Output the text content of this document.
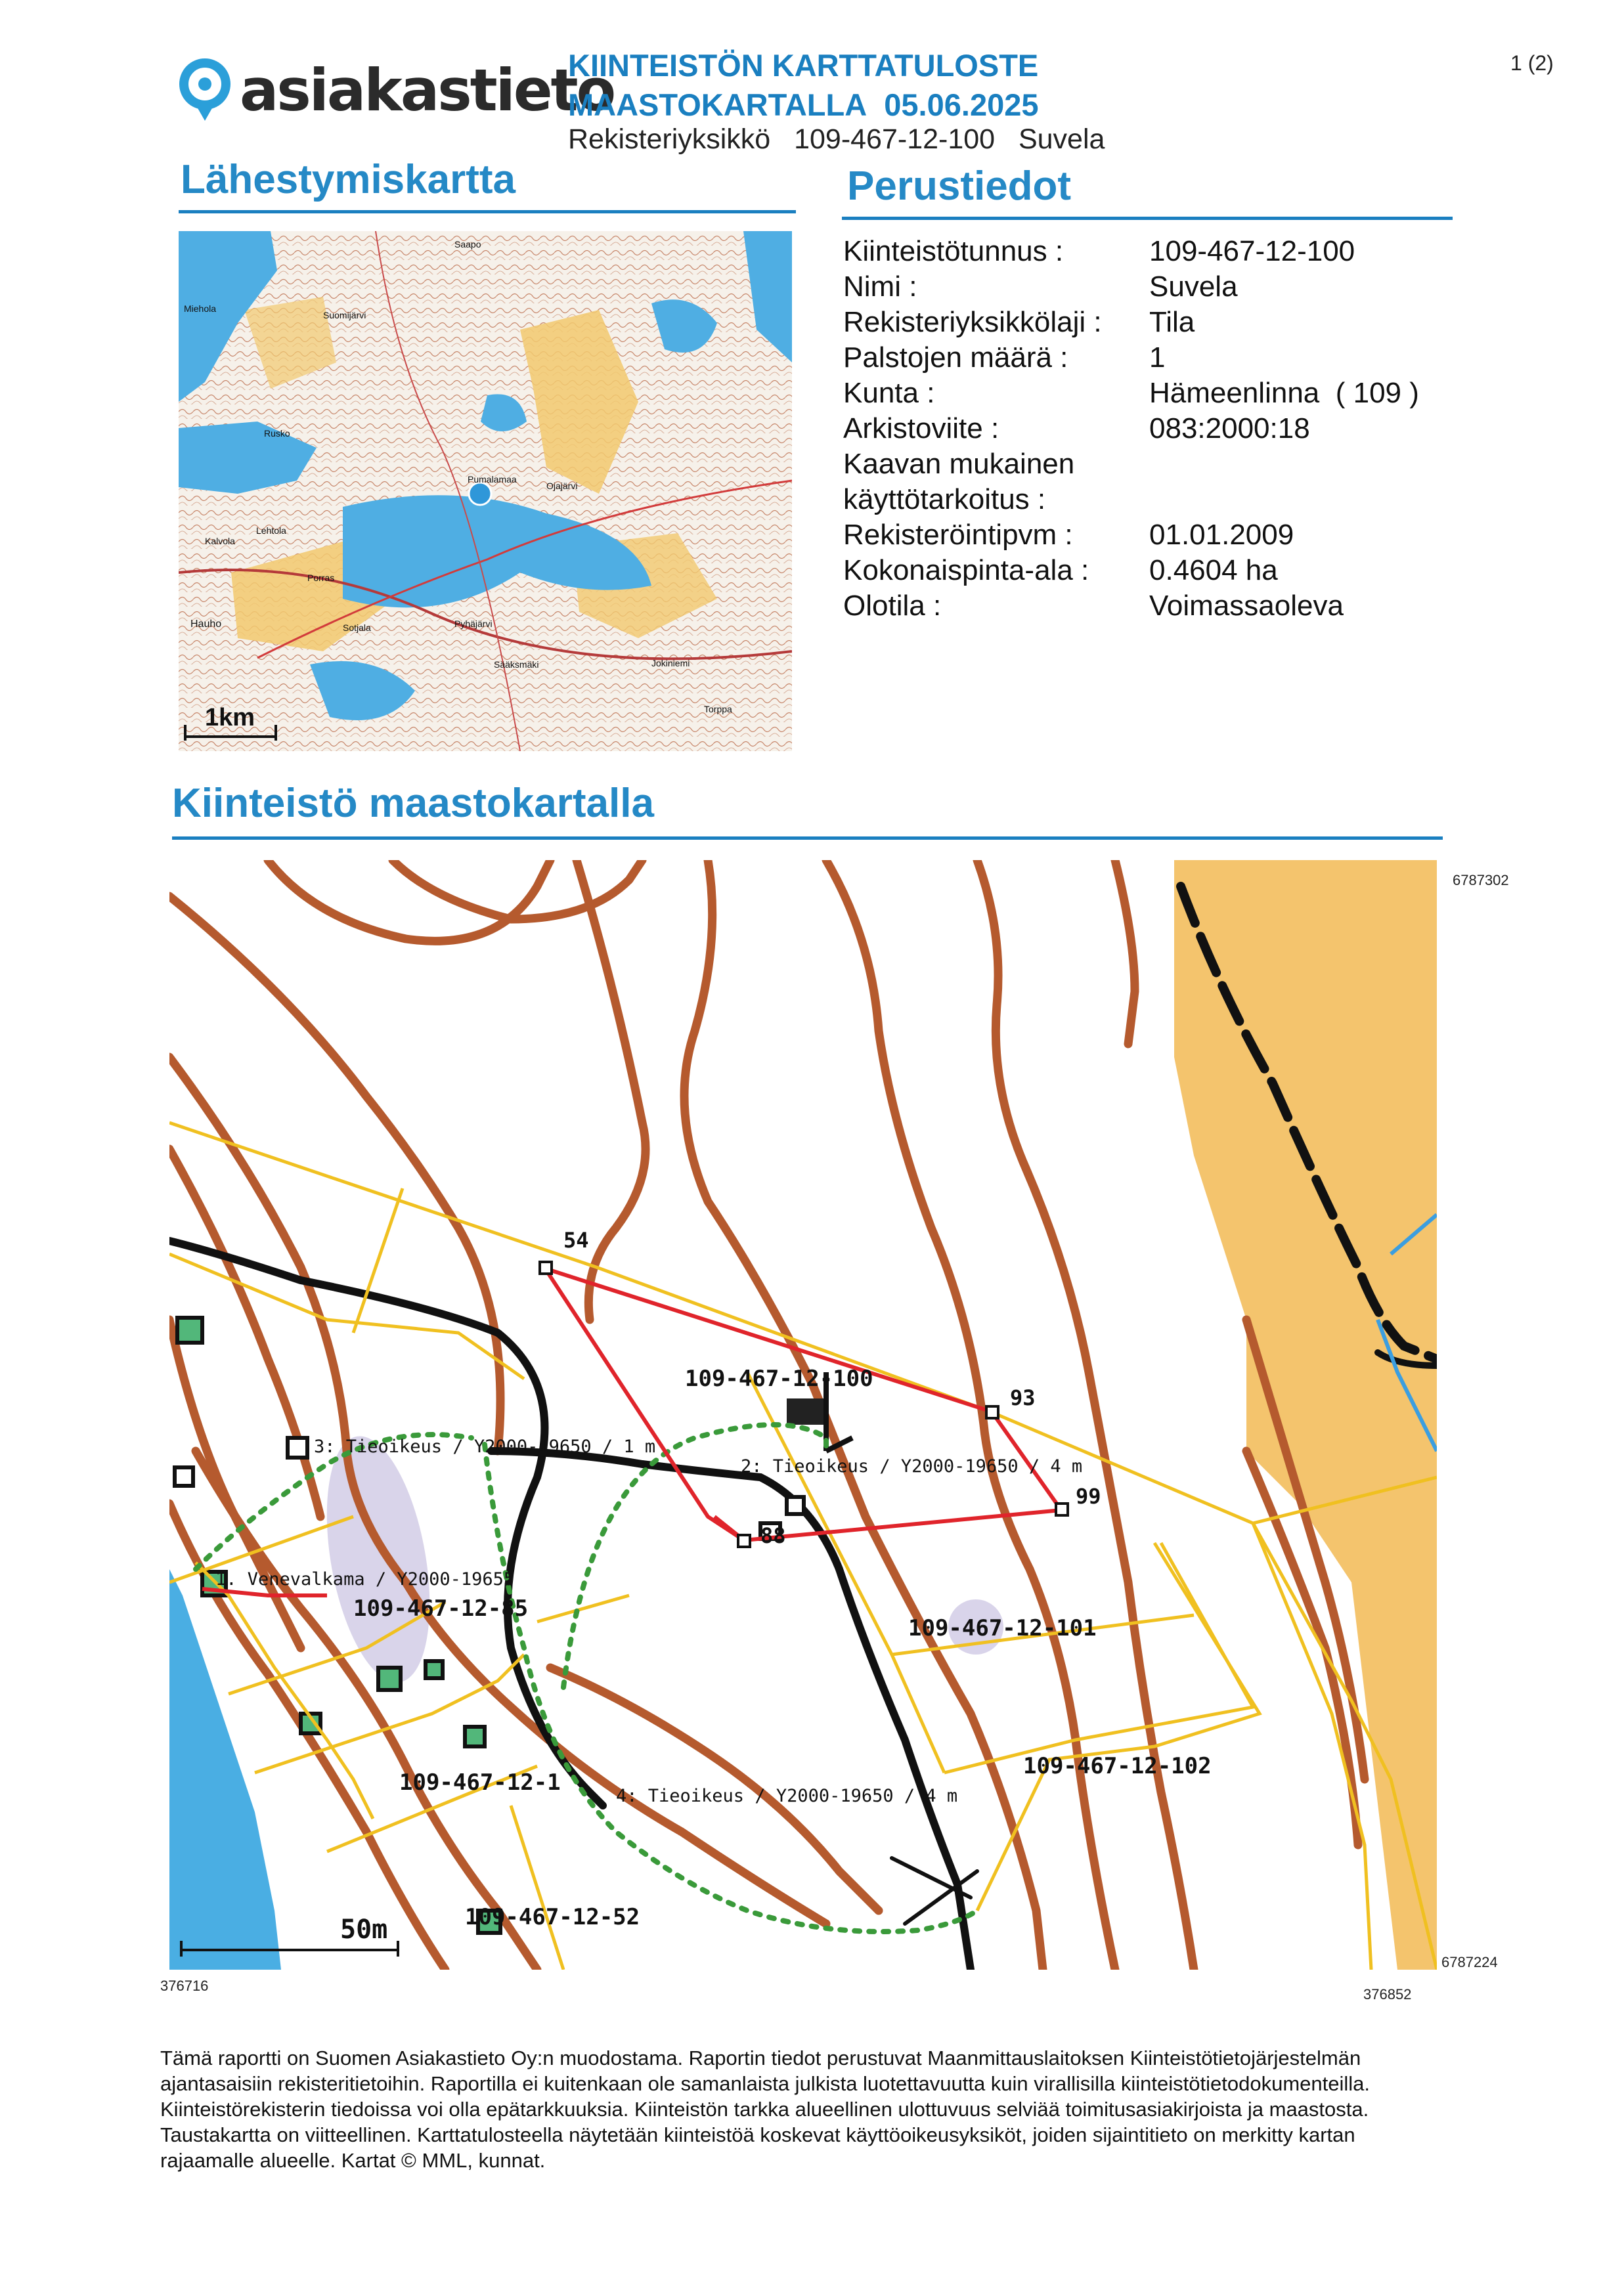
asiakastieto
KIINTEISTÖN KARTTATULOSTE
MAASTOKARTALLA 05.06.2025
Rekisteriyksikkö 109-467-12-100 Suvela
1 (2)
Lähestymiskartta	Perustiedot
1km
Hauho
Porras
Sotjala	Pyhäjärvi
Sääksmäki
Lehtola
Kalvola
Rusko
Saapo
Jokiniemi
Torppa
Ojajärvi
Suomijärvi
Pumalamaa
Miehola
Kiinteistötunnus :	109-467-12-100
Nimi :	Suvela
Rekisteriyksikkölaji : Tila
Palstojen määrä :	1
Kunta :	Hämeenlinna  ( 109 )
Arkistoviite :	083:2000:18
Kaavan mukainen
käyttötarkoitus :
Rekisteröintipvm :	01.01.2009
Kokonaispinta-ala : 0.4604 ha
Olotila :	Voimassaoleva
Kiinteistö maastokartalla
54
93
99
88
109-467-12-100
109-467-12-85
109-467-12-101
109-467-12-102
109-467-12-1
109-467-12-52
3: Tieoikeus / Y2000-19650 / 1 m
2: Tieoikeus / Y2000-19650 / 4 m
1. Venevalkama / Y2000-19655
4: Tieoikeus / Y2000-19650 / 4 m
50m
6787302
6787224
376716
376852
Tämä raportti on Suomen Asiakastieto Oy:n muodostama. Raportin tiedot perustuvat Maanmittauslaitoksen Kiinteistötietojärjestelmän ajantasaisiin rekisteritietoihin. Raportilla ei kuitenkaan ole samanlaista julkista luotettavuutta kuin virallisilla kiinteistötietodokumenteilla. Kiinteistörekisterin tiedoissa voi olla epätarkkuuksia. Kiinteistön tarkka alueellinen ulottuvuus selviää toimitusasiakirjoista ja maastosta. Taustakartta on viitteellinen. Karttatulosteella näytetään kiinteistöä koskevat käyttöoikeusyksiköt, joiden sijaintitieto on merkitty kartan rajaamalle alueelle. Kartat © MML, kunnat.
